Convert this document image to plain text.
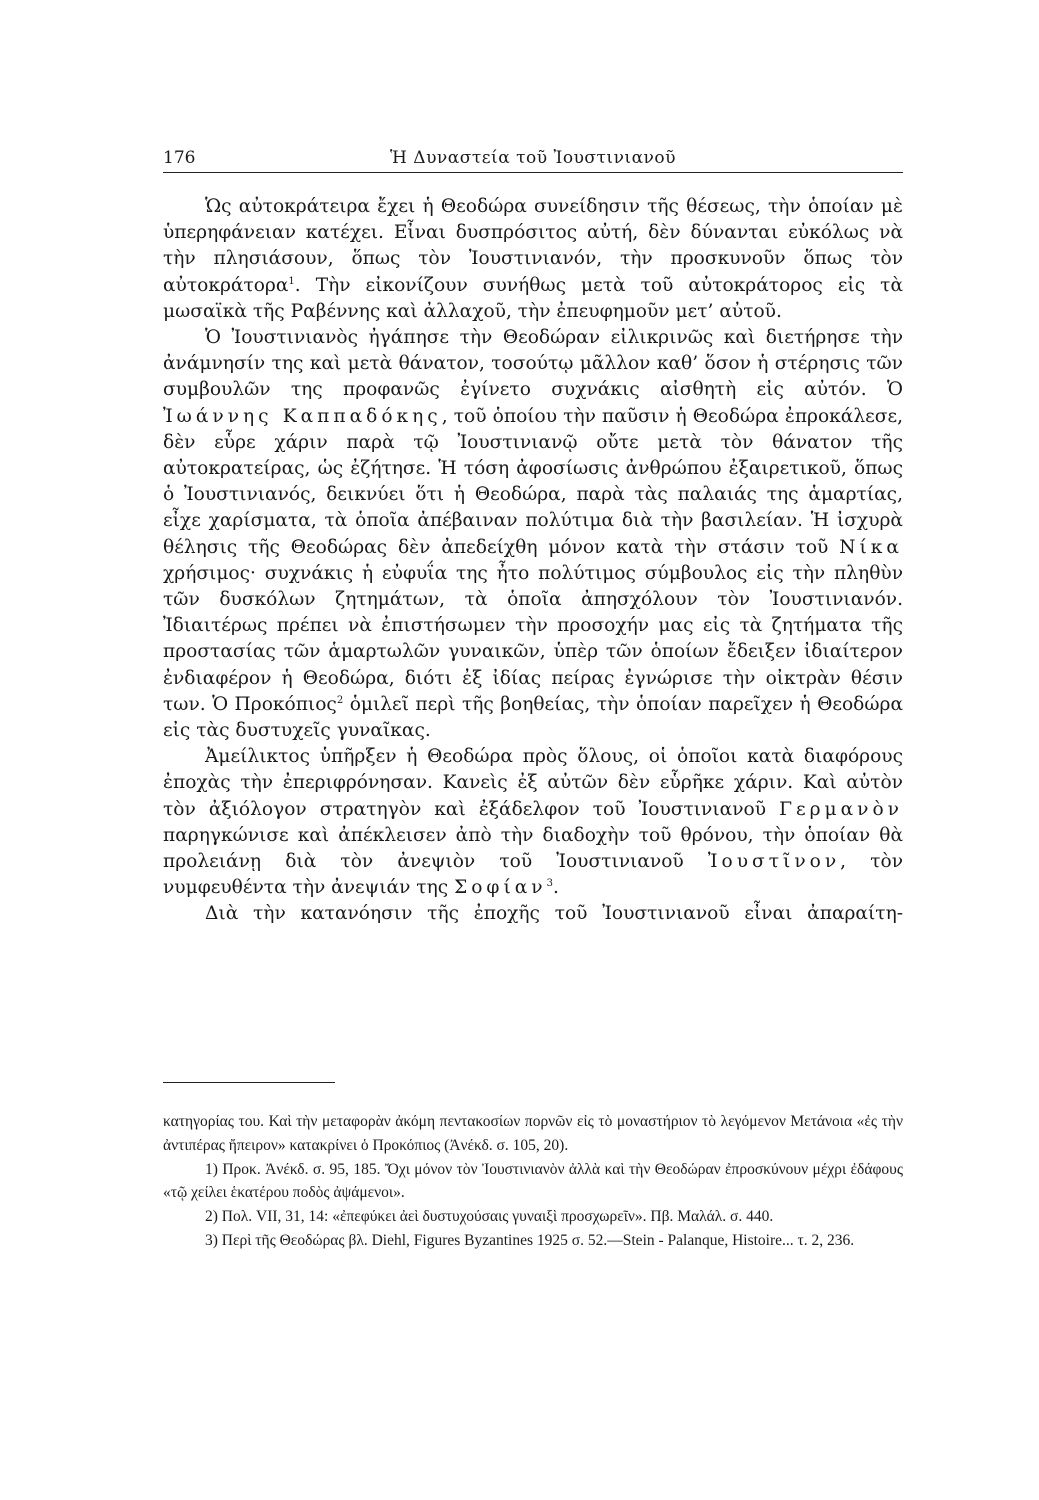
176	Ἡ Δυναστεία τοῦ Ἰουστινιανοῦ

Ὡς αὐτοκράτειρα ἔχει ἡ Θεοδώρα συνείδησιν τῆς θέσεως, τὴν ὁποίαν μὲ ὑπερηφάνειαν κατέχει. Εἶναι δυσπρόσιτος αὐτή, δὲν δύνανται εὐκόλως νὰ τὴν πλησιάσουν, ὅπως τὸν Ἰουστινιανόν, τὴν προσκυνοῦν ὅπως τὸν αὐτοκράτορα$^1$. Τὴν εἰκονίζουν συνήθως μετὰ τοῦ αὐτοκράτορος εἰς τὰ μωσαϊκὰ τῆς Ραβέννης καὶ ἀλλαχοῦ, τὴν ἐπευφημοῦν μετ’ αὐτοῦ.

Ὁ Ἰουστινιανὸς ἠγάπησε τὴν Θεοδώραν εἰλικρινῶς καὶ διετήρησε τὴν ἀνάμνησίν της καὶ μετὰ θάνατον, τοσούτῳ μᾶλλον καθ’ ὅσον ἡ στέρησις τῶν συμβουλῶν της προφανῶς ἐγίνετο συχνάκις αἰσθητὴ εἰς αὐτόν. Ὁ Ἰωάννης Καππαδόκης, τοῦ ὁποίου τὴν παῦσιν ἡ Θεοδώρα ἐπροκάλεσε, δὲν εὗρε χάριν παρὰ τῷ Ἰουστινιανῷ οὔτε μετὰ τὸν θάνατον τῆς αὐτοκρατείρας, ὡς ἐζήτησε. Ἡ τόση ἀφοσίωσις ἀνθρώπου ἐξαιρετικοῦ, ὅπως ὁ Ἰουστινιανός, δεικνύει ὅτι ἡ Θεοδώρα, παρὰ τὰς παλαιάς της ἁμαρτίας, εἶχε χαρίσματα, τὰ ὁποῖα ἀπέβαιναν πολύτιμα διὰ τὴν βασιλείαν. Ἡ ἰσχυρὰ θέλησις τῆς Θεοδώρας δὲν ἀπεδείχθη μόνον κατὰ τὴν στάσιν τοῦ Νίκα χρήσιμος· συχνάκις ἡ εὐφυΐα της ἦτο πολύτιμος σύμβουλος εἰς τὴν πληθὺν τῶν δυσκόλων ζητημάτων, τὰ ὁποῖα ἀπησχόλουν τὸν Ἰουστινιανόν. Ἰδιαιτέρως πρέπει νὰ ἐπιστήσωμεν τὴν προσοχήν μας εἰς τὰ ζητήματα τῆς προστασίας τῶν ἁμαρτωλῶν γυναικῶν, ὑπὲρ τῶν ὁποίων ἔδειξεν ἰδιαίτερον ἐνδιαφέρον ἡ Θεοδώρα, διότι ἐξ ἰδίας πείρας ἐγνώρισε τὴν οἰκτρὰν θέσιν των. Ὁ Προκόπιος$^2$ ὁμιλεῖ περὶ τῆς βοηθείας, τὴν ὁποίαν παρεῖχεν ἡ Θεοδώρα εἰς τὰς δυστυχεῖς γυναῖκας.

Ἀμείλικτος ὑπῆρξεν ἡ Θεοδώρα πρὸς ὅλους, οἱ ὁποῖοι κατὰ διαφόρους ἐποχὰς τὴν ἐπεριφρόνησαν. Κανεὶς ἐξ αὐτῶν δὲν εὗρῆκε χάριν. Καὶ αὐτὸν τὸν ἀξιόλογον στρατηγὸν καὶ ἐξάδελφον τοῦ Ἰουστινιανοῦ Γερμανὸν παρηγκώνισε καὶ ἀπέκλεισεν ἀπὸ τὴν διαδοχὴν τοῦ θρόνου, τὴν ὁποίαν θὰ προλειάνῃ διὰ τὸν ἀνεψιὸν τοῦ Ἰουστινιανοῦ Ἰουστῖνον, τὸν νυμφευθέντα τὴν ἀνεψιάν της Σοφίαν$^3$.

Διὰ τὴν κατανόησιν τῆς ἐποχῆς τοῦ Ἰουστινιανοῦ εἶναι ἀπαραίτη-

κατηγορίας του. Καὶ τὴν μεταφορὰν ἀκόμη πεντακοσίων πορνῶν εἰς τὸ μοναστήριον τὸ λεγόμενον Μετάνοια «ἐς τὴν ἀντιπέρας ἤπειρον» κατακρίνει ὁ Προκόπιος (Ἀνέκδ. σ. 105, 20).

1) Προκ. Ἀνέκδ. σ. 95, 185. Ὄχι μόνον τὸν Ἰουστινιανὸν ἀλλὰ καὶ τὴν Θεοδώραν ἐπροσκύνουν μέχρι ἐδάφους «τῷ χείλει ἑκατέρου ποδὸς ἀψάμενοι».

2) Πολ. VII, 31, 14: «ἐπεφύκει ἀεὶ δυστυχούσαις γυναιξὶ προσχωρεῖν». Πβ. Μαλάλ. σ. 440.

3) Περὶ τῆς Θεοδώρας βλ. Diehl, Figures Byzantines 1925 σ. 52.—Stein - Palanque, Histoire... τ. 2, 236.
